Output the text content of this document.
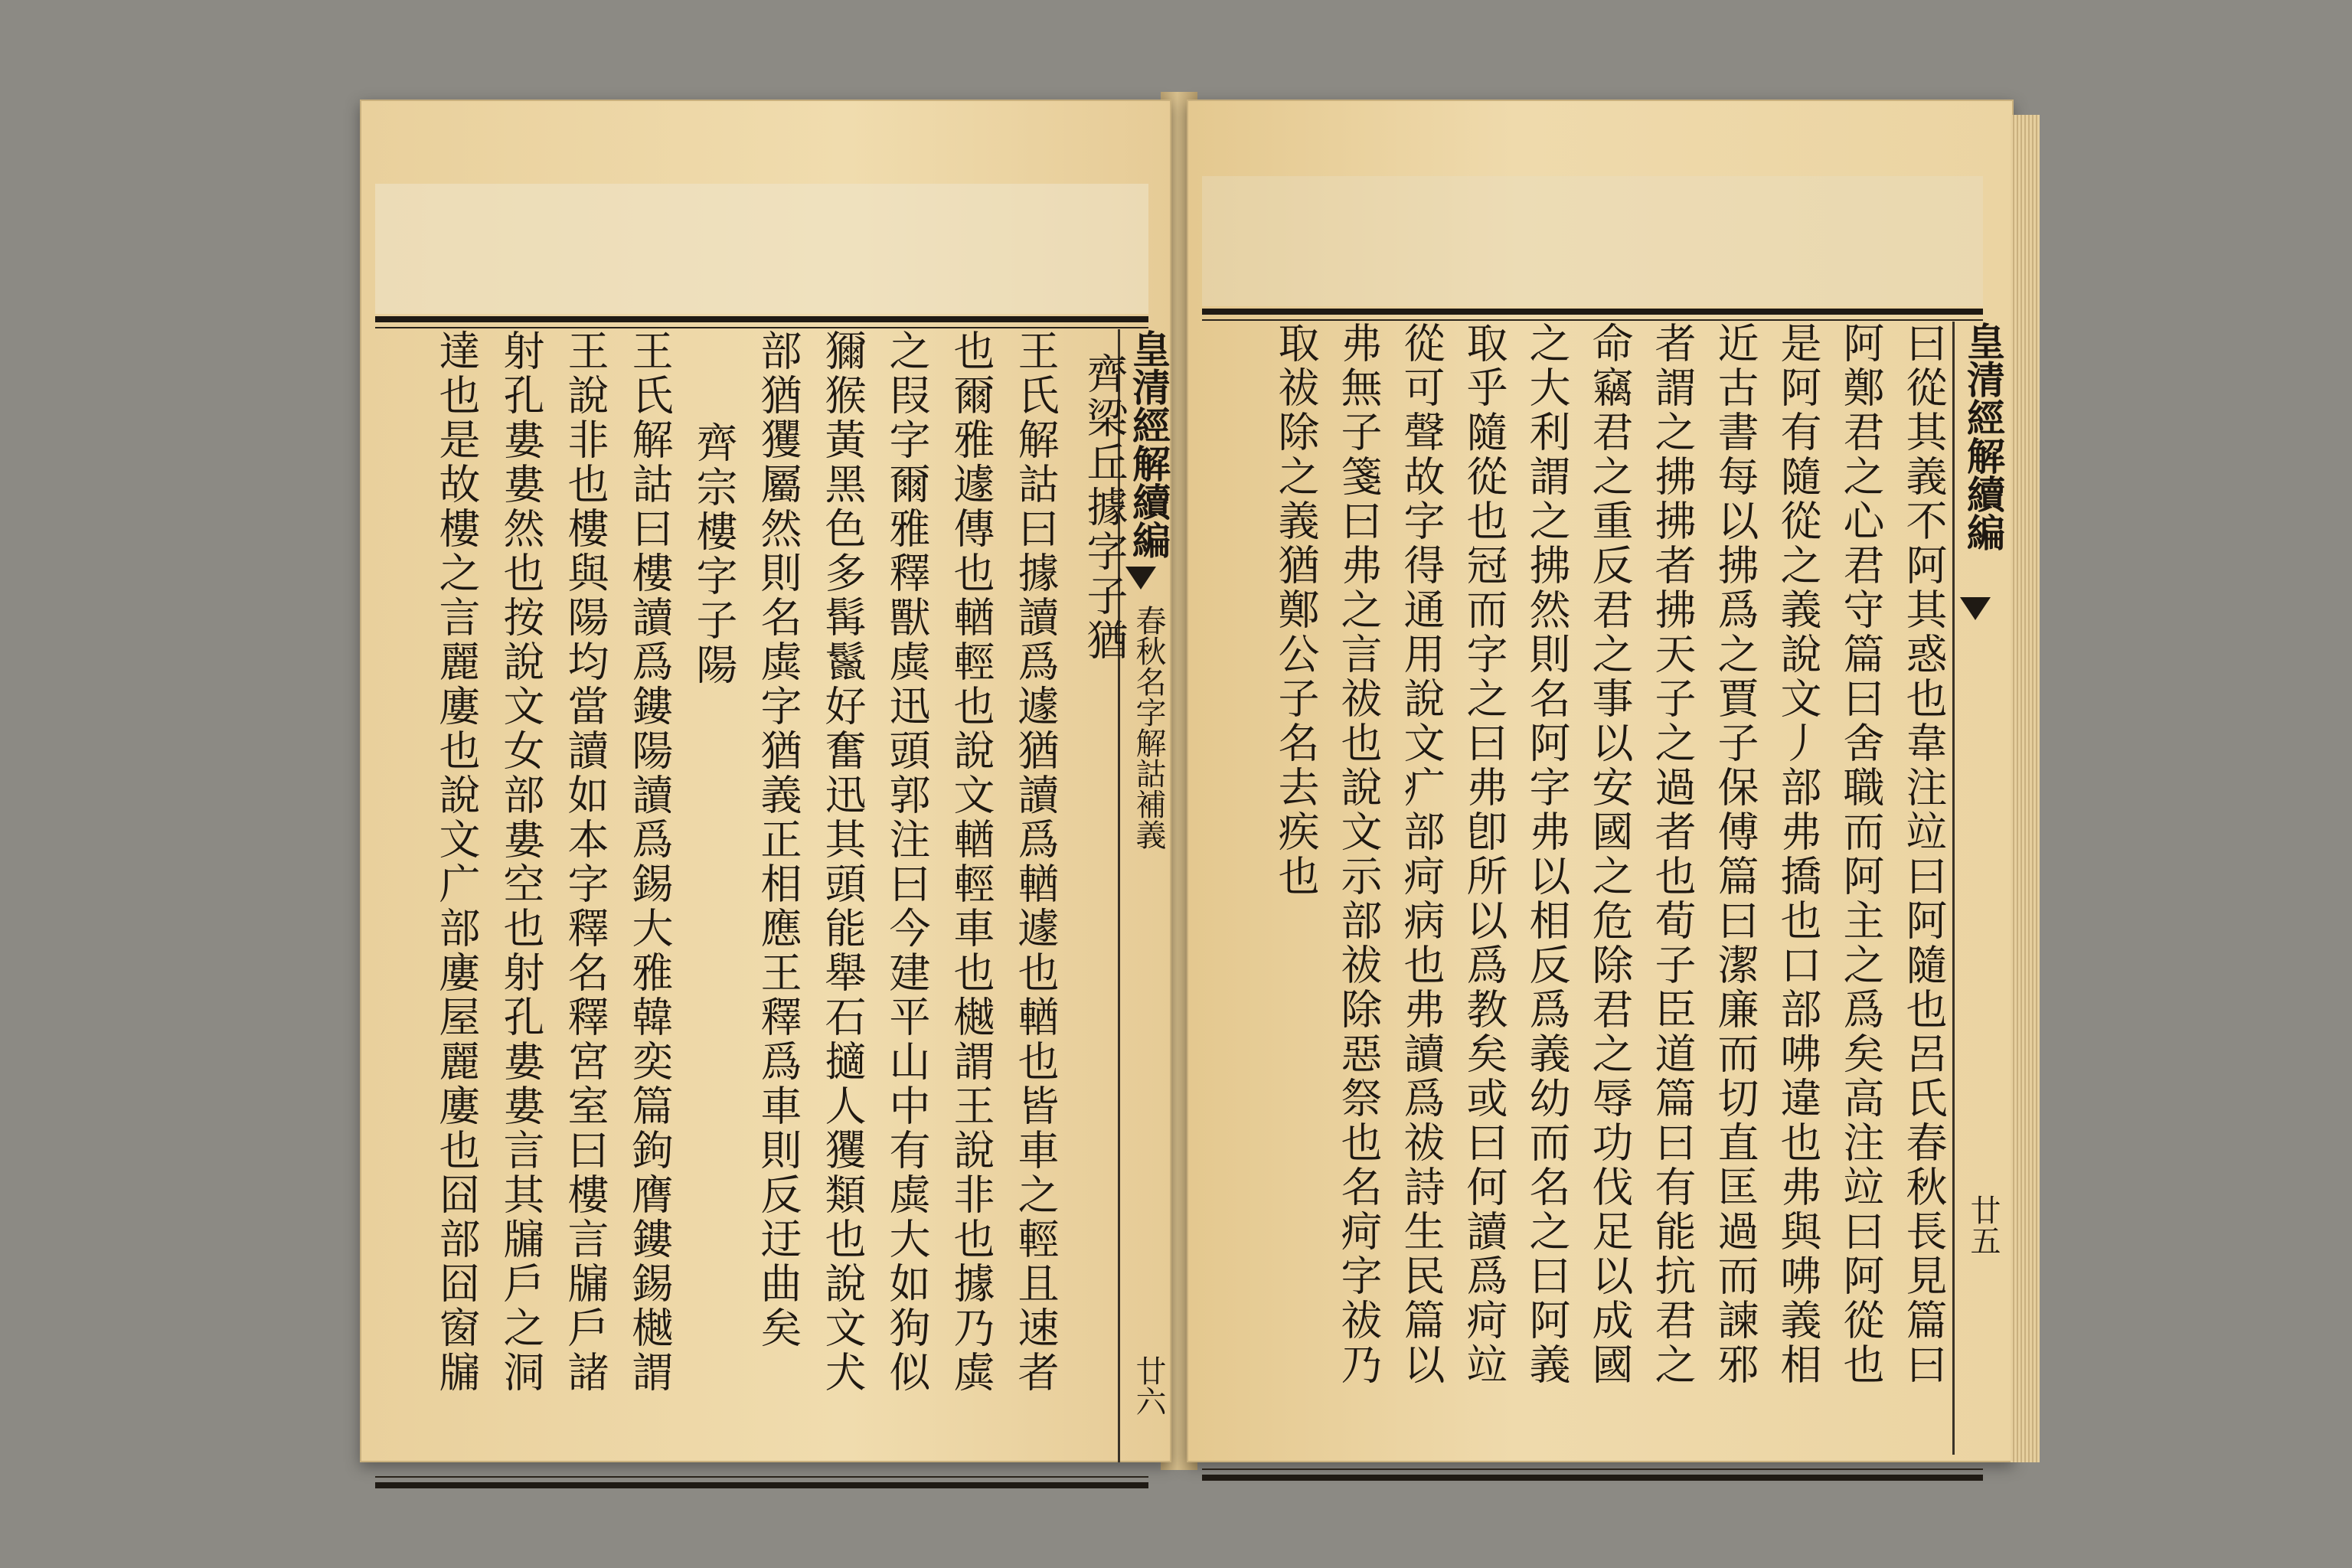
皇清經解續編
春秋名字解詁補義
廿六
齊梁丘據字子猶
王氏解詁曰據讀爲遽猶讀爲輶遽也輶也皆車之輕且速者
也爾雅遽傳也輶輕也說文輶輕車也樾謂王說非也據乃虡
之叚字爾雅釋獸虡迅頭郭注曰今建平山中有虡大如狗似
獮猴黃黑色多髯鬣好奮迅其頭能舉石擿人玃類也說文犬
部猶玃屬然則名虡字猶義正相應王釋爲車則反迂曲矣
齊宗樓字子陽
王氏解詁曰樓讀爲鏤陽讀爲錫大雅韓奕篇鉤膺鏤錫樾謂
王說非也樓與陽均當讀如本字釋名釋宮室曰樓言牖戶諸
射孔婁婁然也按說文女部婁空也射孔婁婁言其牖戶之洞
達也是故樓之言麗廔也說文广部廔屋麗廔也囧部囧窗牖	皇清經解續編
廿五
曰從其義不阿其惑也韋注竝曰阿隨也呂氏春秋長見篇曰
阿鄭君之心君守篇曰舍職而阿主之爲矣高注竝曰阿從也
是阿有隨從之義說文丿部弗撟也口部咈違也弗與咈義相
近古書每以拂爲之賈子保傅篇曰潔廉而切直匡過而諫邪
者謂之拂拂者拂天子之過者也荀子臣道篇曰有能抗君之
命竊君之重反君之事以安國之危除君之辱功伐足以成國
之大利謂之拂然則名阿字弗以相反爲義幼而名之曰阿義
取乎隨從也冠而字之曰弗卽所以爲教矣或曰何讀爲疴竝
從可聲故字得通用說文疒部疴病也弗讀爲祓詩生民篇以
弗無子箋曰弗之言祓也說文示部祓除惡祭也名疴字祓乃
取祓除之義猶鄭公子名去疾也
